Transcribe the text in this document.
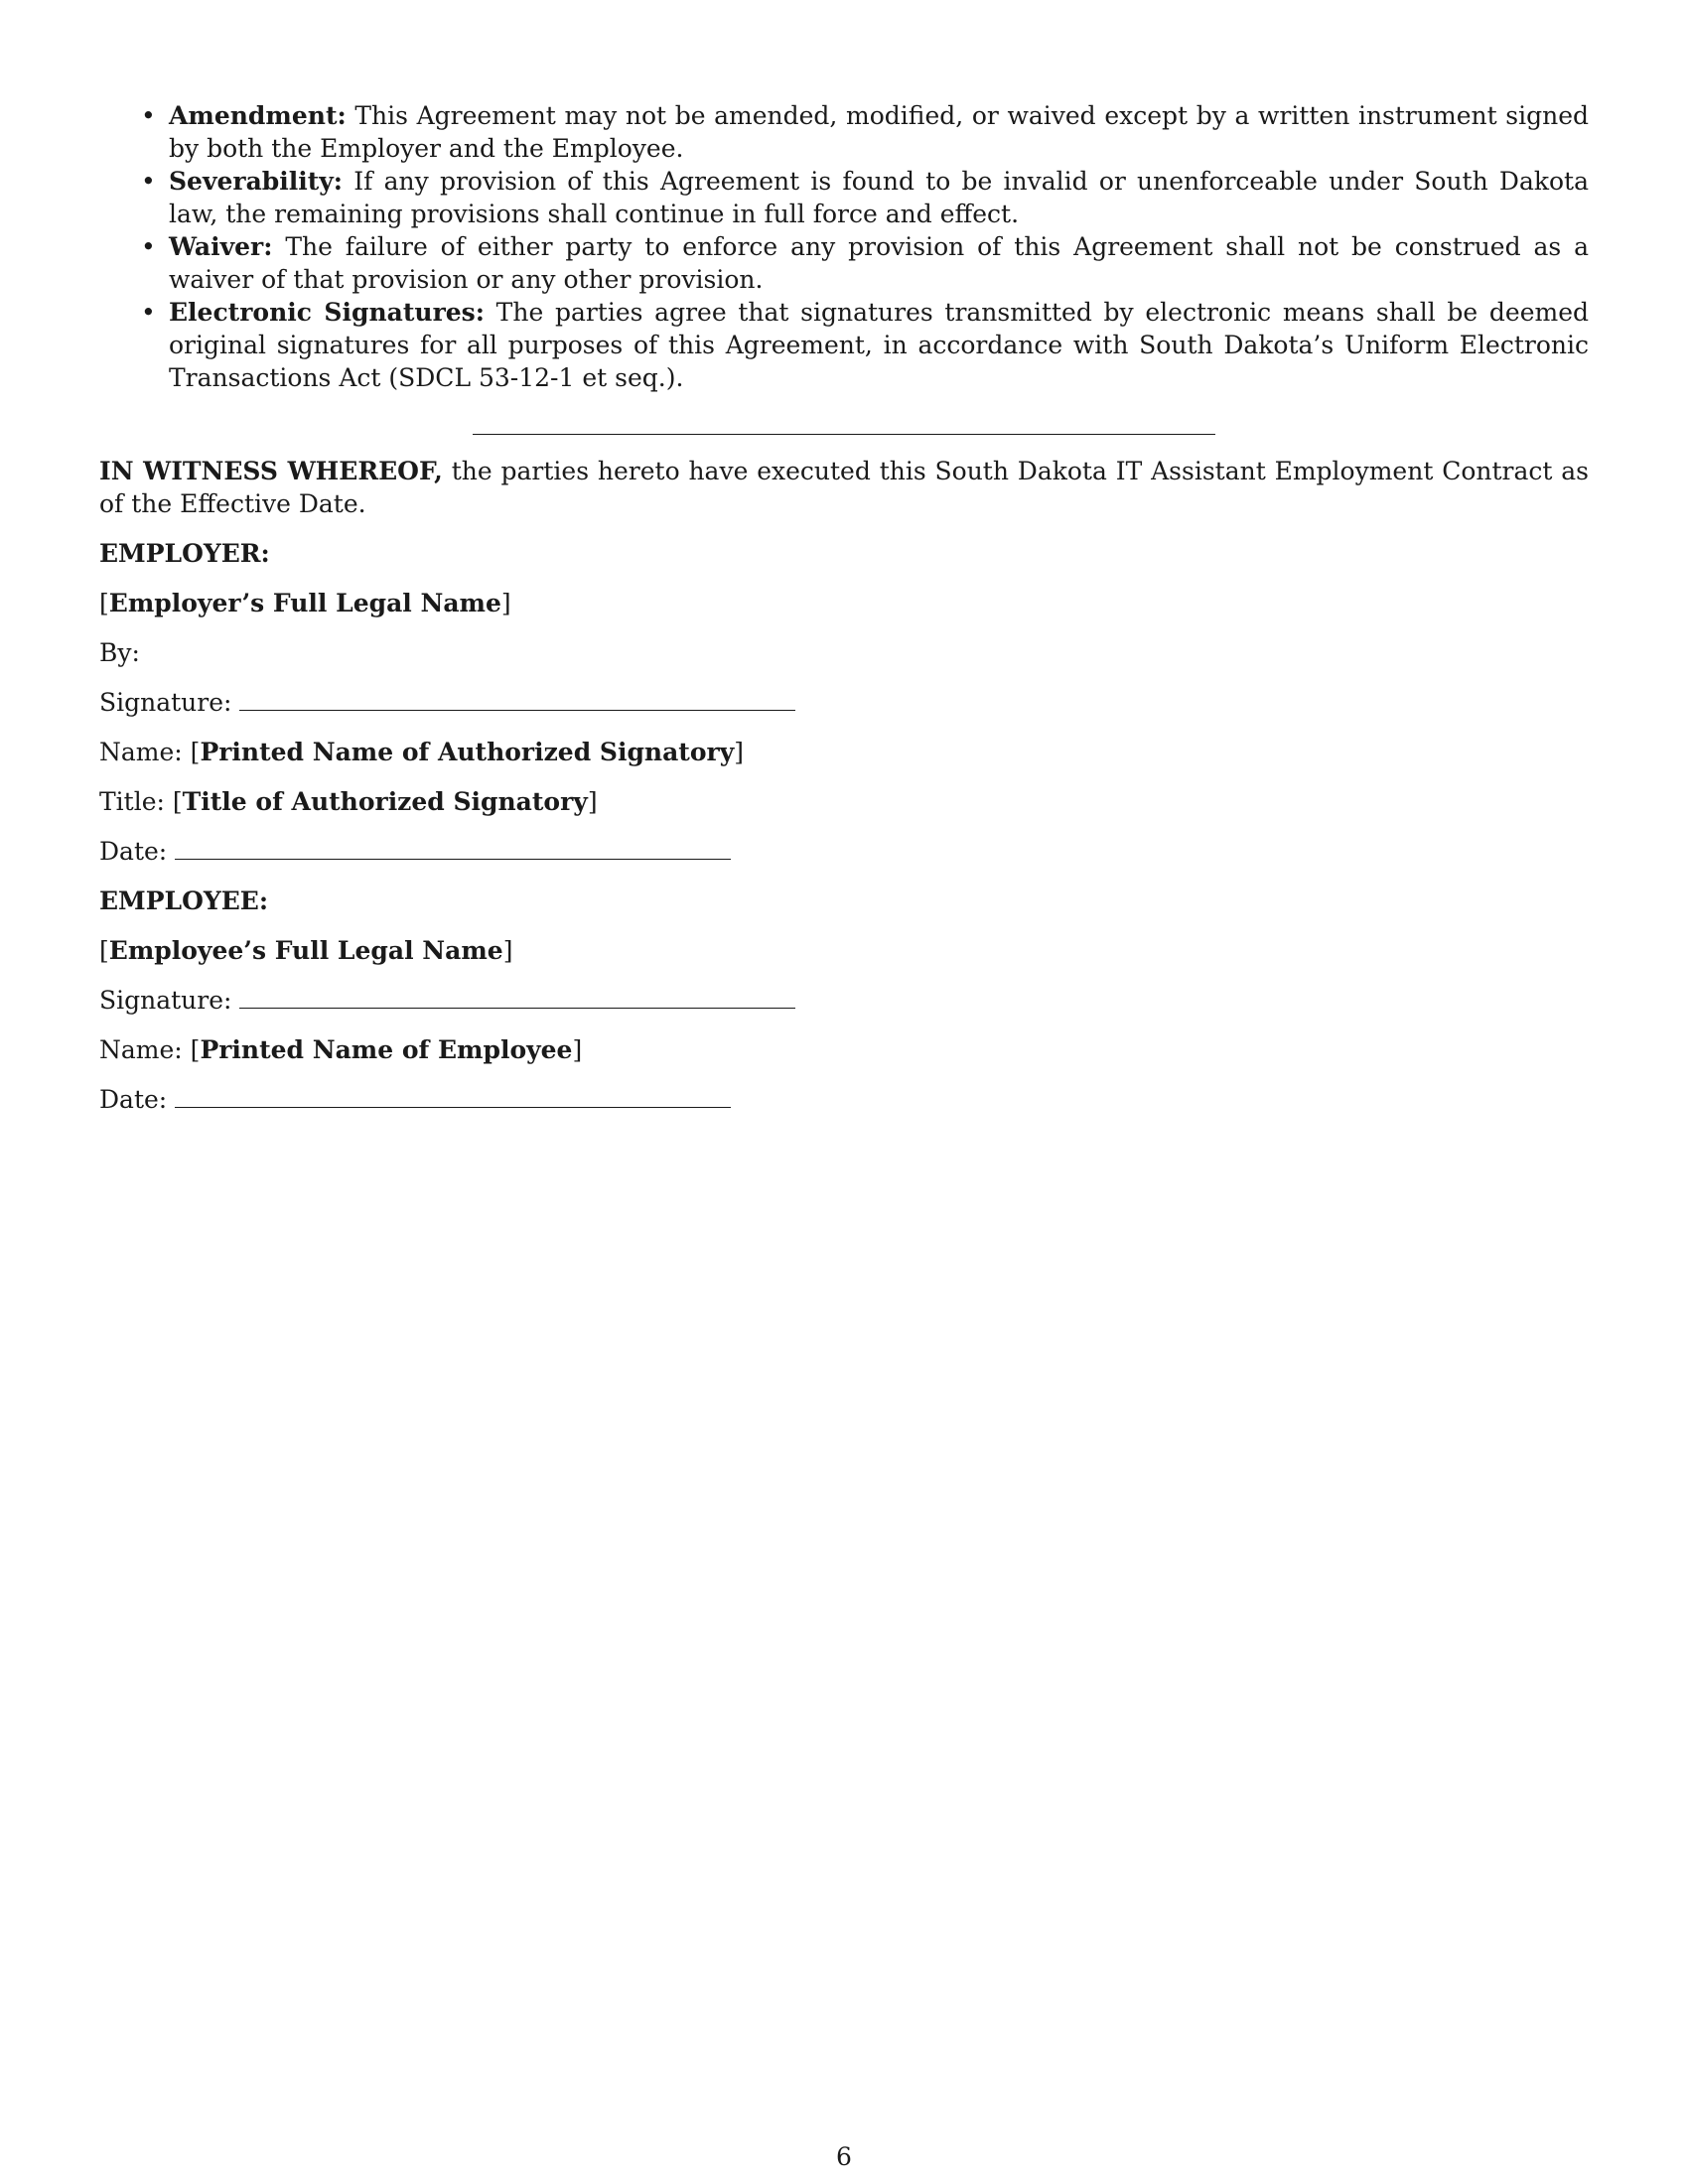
• Amendment: This Agreement may not be amended, modified, or waived except by a written instrument signed by both the Employer and the Employee.
• Severability: If any provision of this Agreement is found to be invalid or unenforceable under South Dakota law, the remaining provisions shall continue in full force and effect.
• Waiver: The failure of either party to enforce any provision of this Agreement shall not be construed as a waiver of that provision or any other provision.
• Electronic Signatures: The parties agree that signatures transmitted by electronic means shall be deemed original signatures for all purposes of this Agreement, in accordance with South Dakota’s Uniform Electronic Transactions Act (SDCL 53-12-1 et seq.).
IN WITNESS WHEREOF, the parties hereto have executed this South Dakota IT Assistant Employment Contract as of the Effective Date.
EMPLOYER:
[Employer’s Full Legal Name]
By:
Signature:
Name: [Printed Name of Authorized Signatory]
Title: [Title of Authorized Signatory]
Date:
EMPLOYEE:
[Employee’s Full Legal Name]
Signature:
Name: [Printed Name of Employee]
Date:
6
